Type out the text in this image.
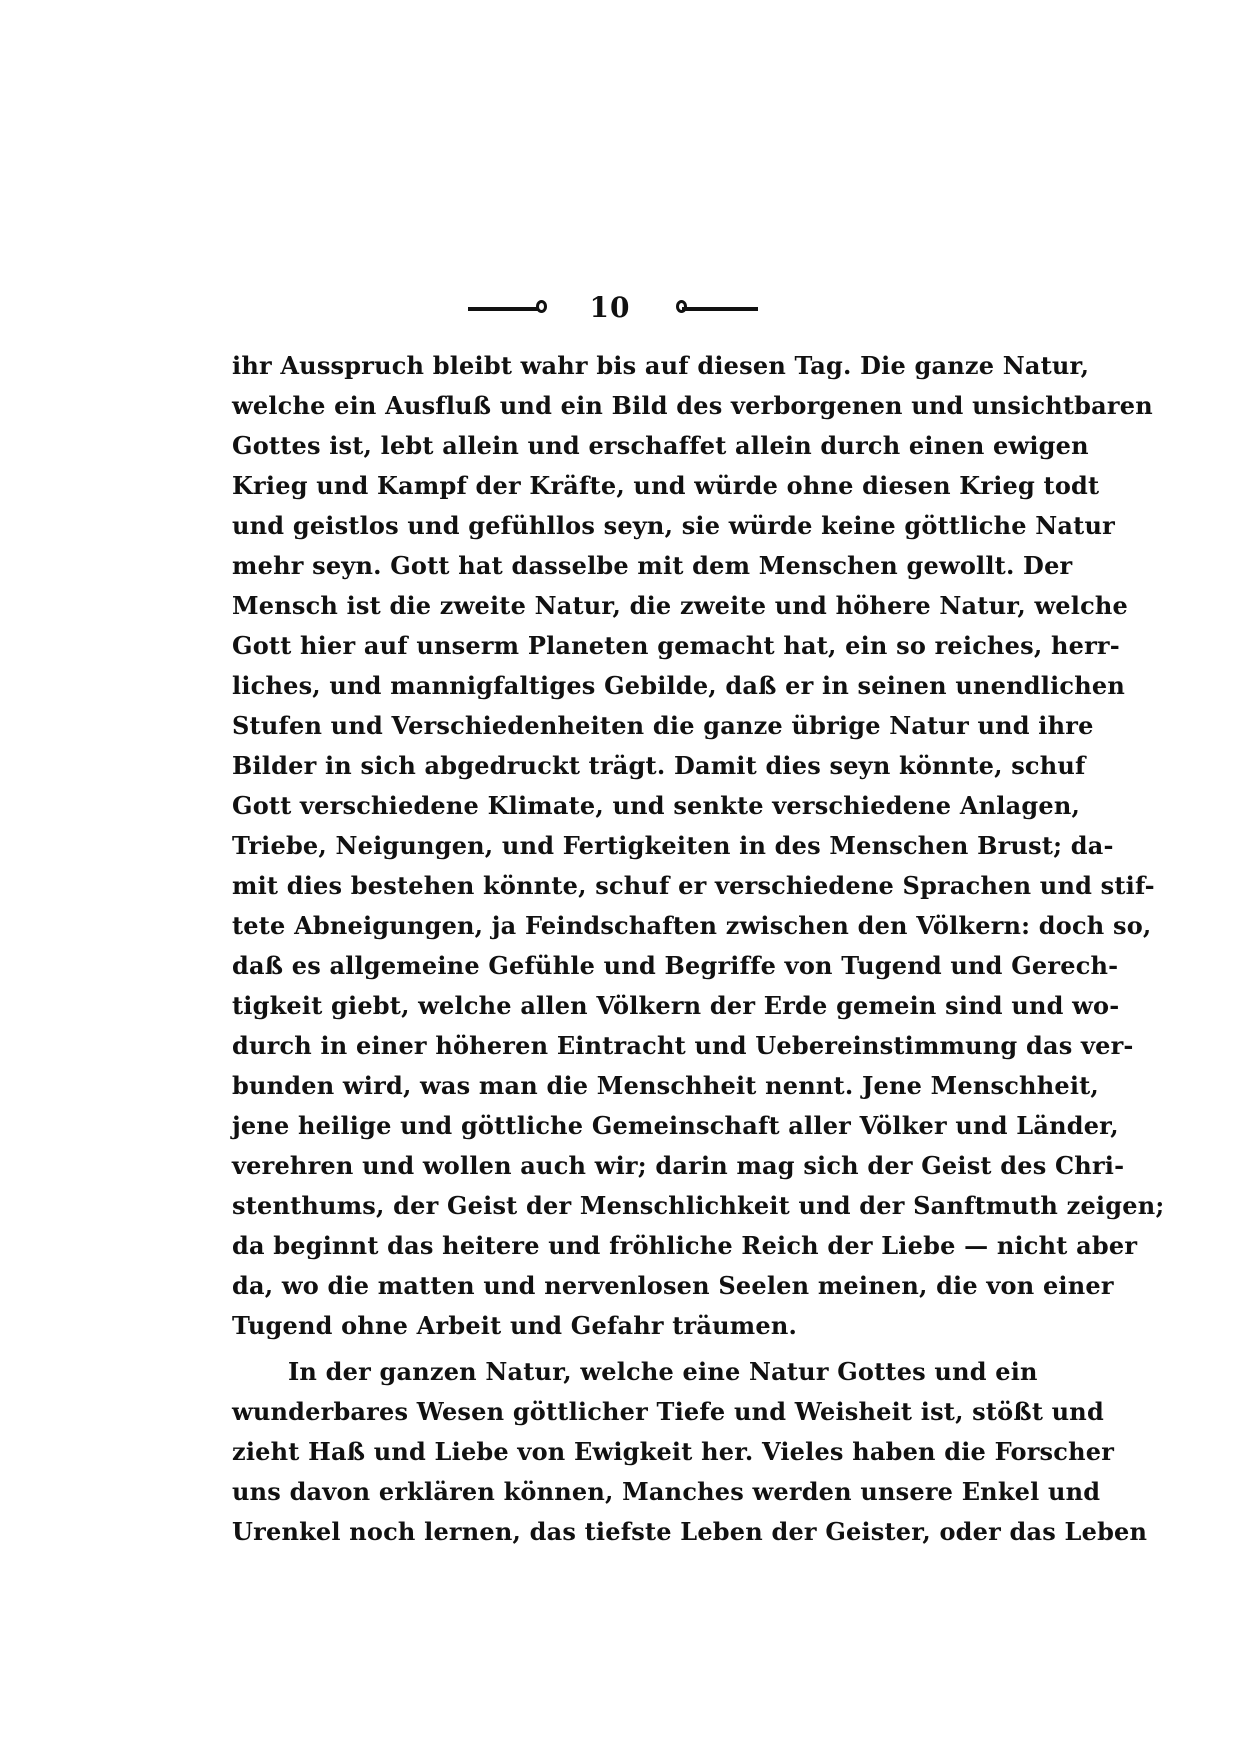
10
ihr Ausspruch bleibt wahr bis auf diesen Tag. Die ganze Natur,
welche ein Ausfluß und ein Bild des verborgenen und unsichtbaren
Gottes ist, lebt allein und erschaffet allein durch einen ewigen
Krieg und Kampf der Kräfte, und würde ohne diesen Krieg todt
und geistlos und gefühllos seyn, sie würde keine göttliche Natur
mehr seyn. Gott hat dasselbe mit dem Menschen gewollt. Der
Mensch ist die zweite Natur, die zweite und höhere Natur, welche
Gott hier auf unserm Planeten gemacht hat, ein so reiches, herr-
liches, und mannigfaltiges Gebilde, daß er in seinen unendlichen
Stufen und Verschiedenheiten die ganze übrige Natur und ihre
Bilder in sich abgedruckt trägt. Damit dies seyn könnte, schuf
Gott verschiedene Klimate, und senkte verschiedene Anlagen,
Triebe, Neigungen, und Fertigkeiten in des Menschen Brust; da-
mit dies bestehen könnte, schuf er verschiedene Sprachen und stif-
tete Abneigungen, ja Feindschaften zwischen den Völkern: doch so,
daß es allgemeine Gefühle und Begriffe von Tugend und Gerech-
tigkeit giebt, welche allen Völkern der Erde gemein sind und wo-
durch in einer höheren Eintracht und Uebereinstimmung das ver-
bunden wird, was man die Menschheit nennt. Jene Menschheit,
jene heilige und göttliche Gemeinschaft aller Völker und Länder,
verehren und wollen auch wir; darin mag sich der Geist des Chri-
stenthums, der Geist der Menschlichkeit und der Sanftmuth zeigen;
da beginnt das heitere und fröhliche Reich der Liebe — nicht aber
da, wo die matten und nervenlosen Seelen meinen, die von einer
Tugend ohne Arbeit und Gefahr träumen.
In der ganzen Natur, welche eine Natur Gottes und ein
wunderbares Wesen göttlicher Tiefe und Weisheit ist, stößt und
zieht Haß und Liebe von Ewigkeit her. Vieles haben die Forscher
uns davon erklären können, Manches werden unsere Enkel und
Urenkel noch lernen, das tiefste Leben der Geister, oder das Leben
